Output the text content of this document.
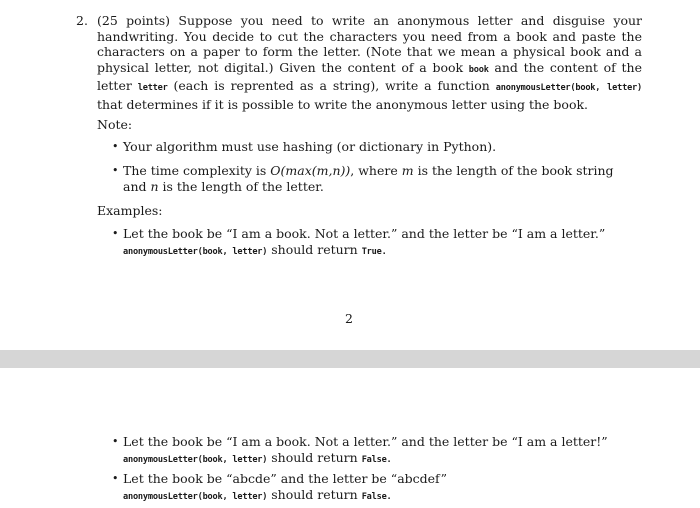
2. (25 points) Suppose you need to write an anonymous letter and disguise your handwriting. You decide to cut the characters you need from a book and paste the characters on a paper to form the letter. (Note that we mean a physical book and a physical letter, not digital.) Given the content of a book book and the content of the letter letter (each is reprented as a string), write a function anonymousLetter(book, letter) that determines if it is possible to write the anonymous letter using the book.
Note:
• Your algorithm must use hashing (or dictionary in Python).
• The time complexity is O(max(m,n)), where m is the length of the book string and n is the length of the letter.
Examples:
• Let the book be “I am a book. Not a letter.” and the letter be “I am a letter.”
anonymousLetter(book, letter) should return True.
2
• Let the book be “I am a book. Not a letter.” and the letter be “I am a letter!”
anonymousLetter(book, letter) should return False.
• Let the book be “abcde” and the letter be “abcdef”
anonymousLetter(book, letter) should return False.
